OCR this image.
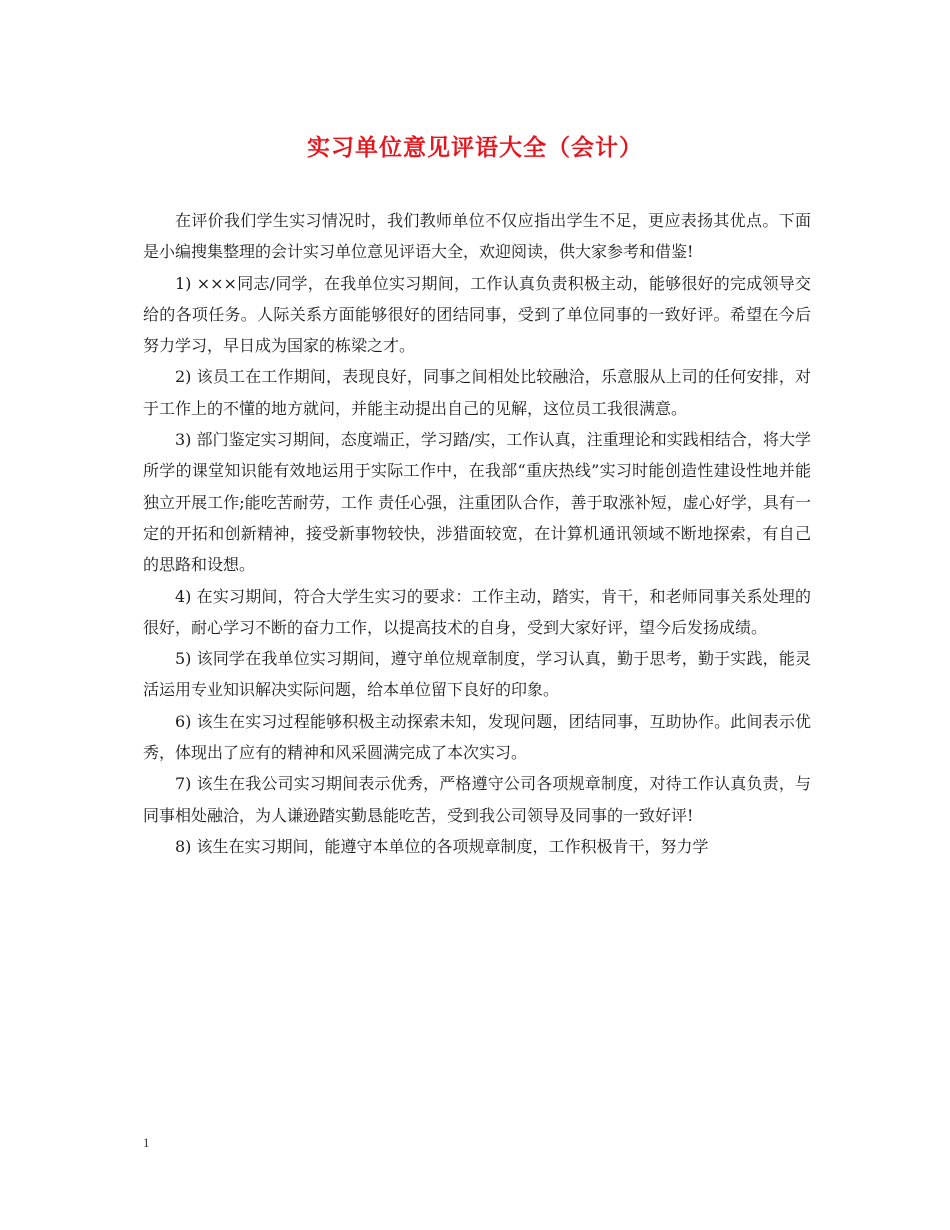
实习单位意见评语大全（会计）

在评价我们学生实习情况时，我们教师单位不仅应指出学生不足，更应表扬其优点。下面是小编搜集整理的会计实习单位意见评语大全，欢迎阅读，供大家参考和借鉴!

1) ×××同志/同学，在我单位实习期间，工作认真负责积极主动，能够很好的完成领导交给的各项任务。人际关系方面能够很好的团结同事，受到了单位同事的一致好评。希望在今后努力学习，早日成为国家的栋梁之才。

2) 该员工在工作期间，表现良好，同事之间相处比较融洽，乐意服从上司的任何安排，对于工作上的不懂的地方就问，并能主动提出自己的见解，这位员工我很满意。

3) 部门鉴定实习期间，态度端正，学习踏/实，工作认真，注重理论和实践相结合，将大学所学的课堂知识能有效地运用于实际工作中，在我部“重庆热线”实习时能创造性建设性地并能独立开展工作;能吃苦耐劳，工作 责任心强，注重团队合作，善于取涨补短，虚心好学，具有一定的开拓和创新精神，接受新事物较快，涉猎面较宽，在计算机通讯领域不断地探索，有自己的思路和设想。

4) 在实习期间，符合大学生实习的要求：工作主动，踏实，肯干，和老师同事关系处理的很好，耐心学习不断的奋力工作，以提高技术的自身，受到大家好评，望今后发扬成绩。

5) 该同学在我单位实习期间，遵守单位规章制度，学习认真，勤于思考，勤于实践，能灵活运用专业知识解决实际问题，给本单位留下良好的印象。

6) 该生在实习过程能够积极主动探索未知，发现问题，团结同事，互助协作。此间表示优秀，体现出了应有的精神和风采圆满完成了本次实习。

7) 该生在我公司实习期间表示优秀，严格遵守公司各项规章制度，对待工作认真负责，与同事相处融洽，为人谦逊踏实勤恳能吃苦，受到我公司领导及同事的一致好评!

8) 该生在实习期间，能遵守本单位的各项规章制度，工作积极肯干，努力学

1
